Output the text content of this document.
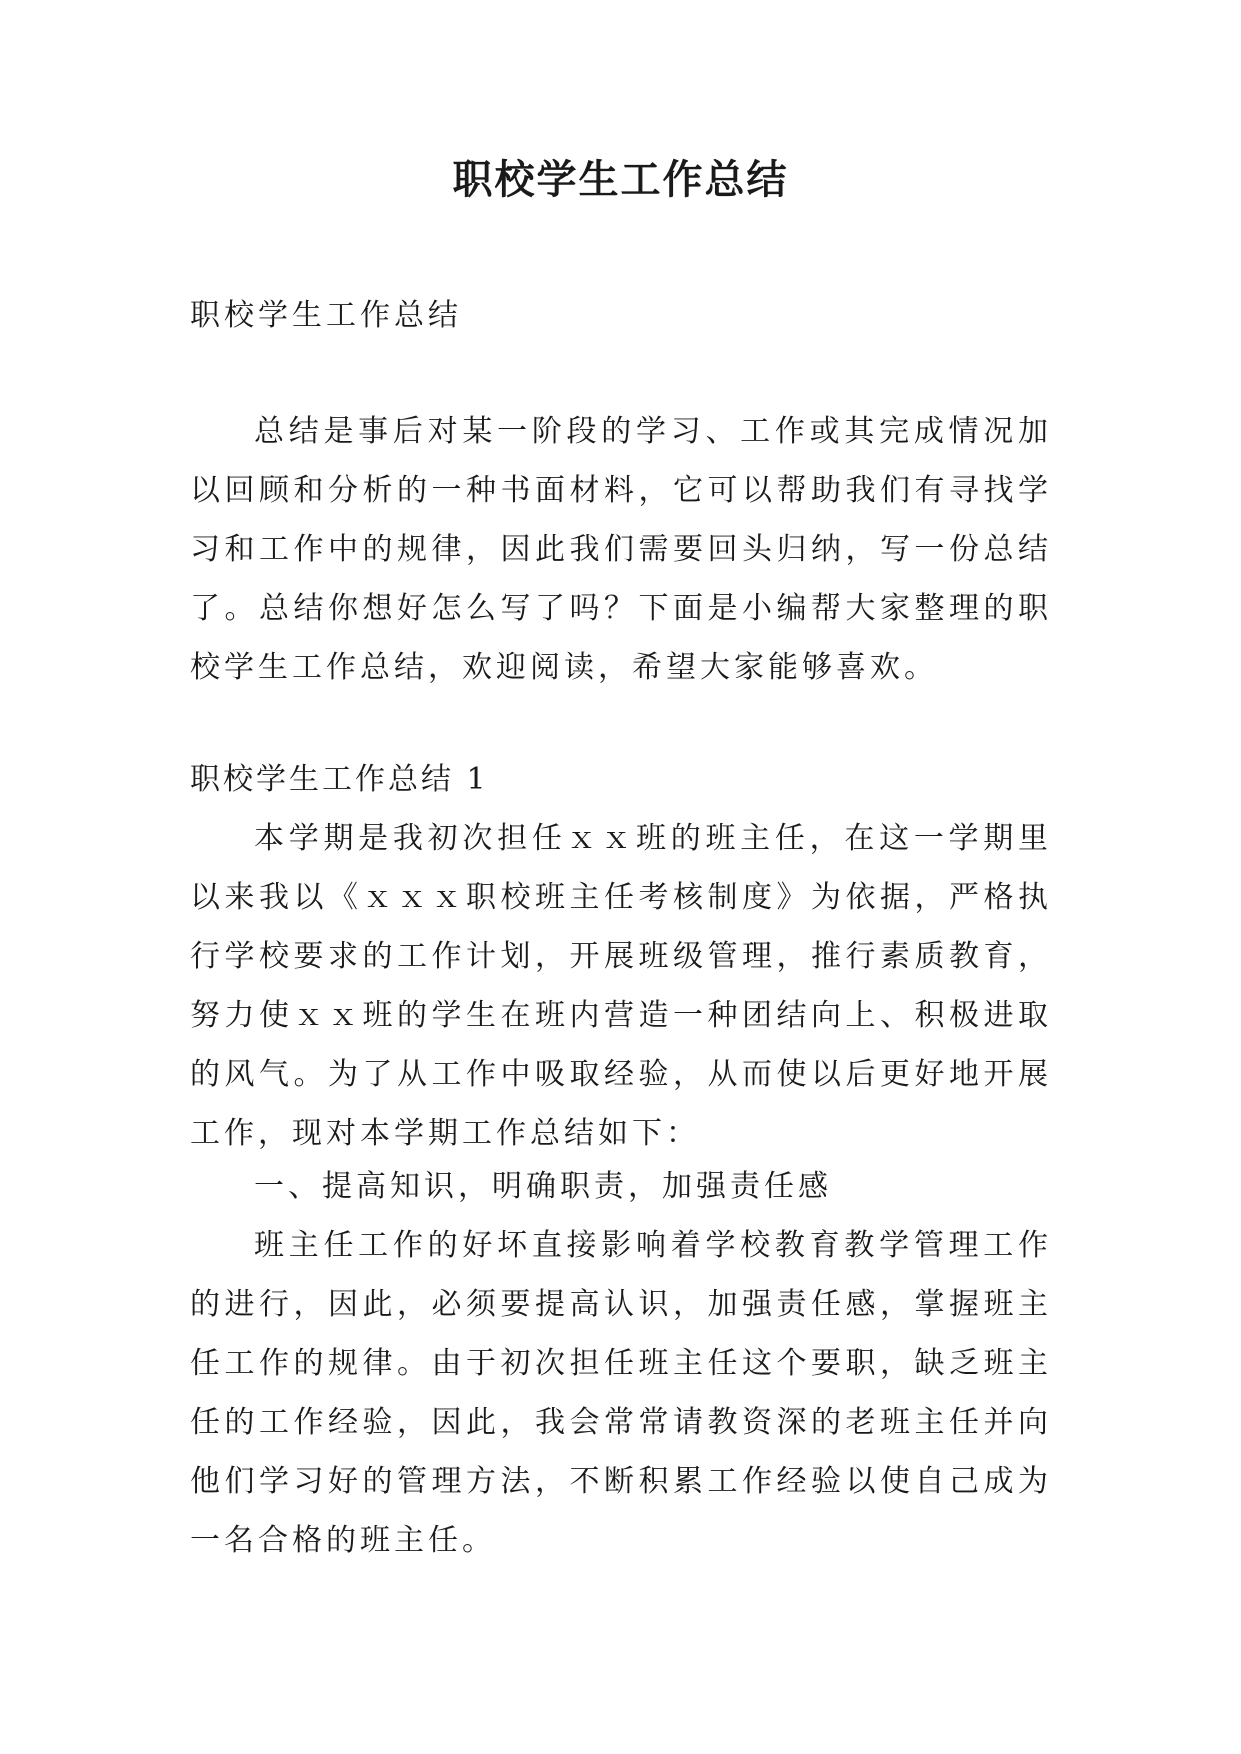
职校学生工作总结

职校学生工作总结

总结是事后对某一阶段的学习、工作或其完成情况加以回顾和分析的一种书面材料，它可以帮助我们有寻找学习和工作中的规律，因此我们需要回头归纳，写一份总结了。总结你想好怎么写了吗？下面是小编帮大家整理的职校学生工作总结，欢迎阅读，希望大家能够喜欢。

职校学生工作总结 1

本学期是我初次担任ｘｘ班的班主任，在这一学期里以来我以《ｘｘｘ职校班主任考核制度》为依据，严格执行学校要求的工作计划，开展班级管理，推行素质教育，努力使ｘｘ班的学生在班内营造一种团结向上、积极进取的风气。为了从工作中吸取经验，从而使以后更好地开展工作，现对本学期工作总结如下：

一、提高知识，明确职责，加强责任感

班主任工作的好坏直接影响着学校教育教学管理工作的进行，因此，必须要提高认识，加强责任感，掌握班主任工作的规律。由于初次担任班主任这个要职，缺乏班主任的工作经验，因此，我会常常请教资深的老班主任并向他们学习好的管理方法，不断积累工作经验以使自己成为一名合格的班主任。
